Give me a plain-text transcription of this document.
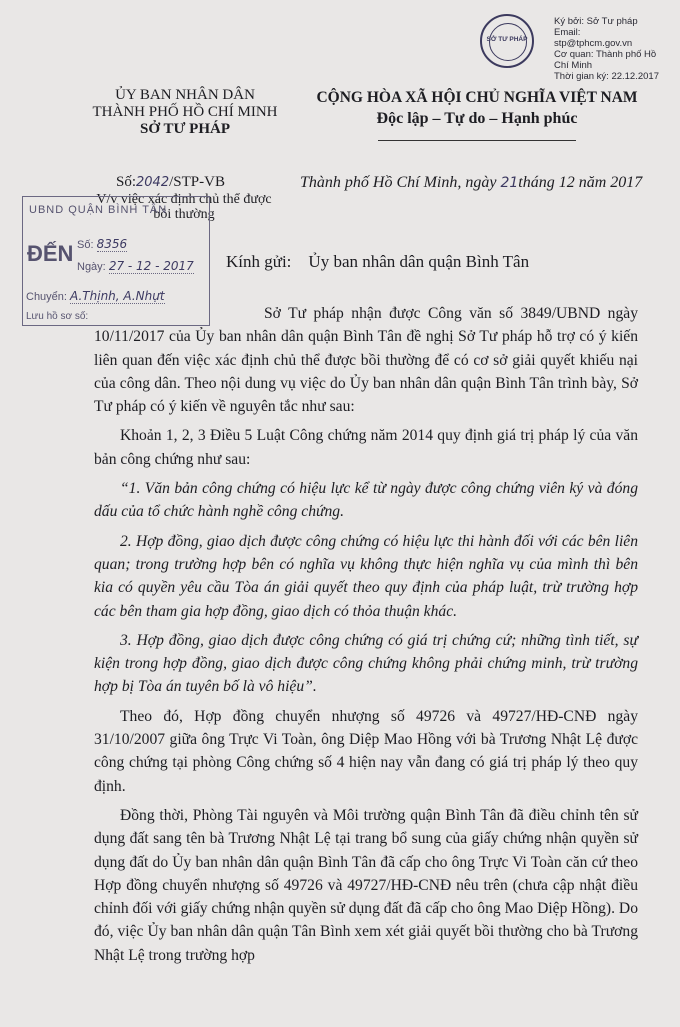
SỞ TƯ PHÁP
Ký bởi: Sở Tư pháp
Email:
stp@tphcm.gov.vn
Cơ quan: Thành phố Hồ
Chí Minh
Thời gian ký: 22.12.2017
ỦY BAN NHÂN DÂN
THÀNH PHỐ HỒ CHÍ MINH
SỞ TƯ PHÁP
CỘNG HÒA XÃ HỘI CHỦ NGHĨA VIỆT NAM
Độc lập – Tự do – Hạnh phúc
Số:2042/STP-VB	Thành phố Hồ Chí Minh, ngày 21tháng 12 năm 2017
V/v việc xác định chủ thể được
bồi thường
UBND QUẬN BÌNH TÂN
ĐẾN Số: 8356
Ngày: 27 - 12 - 2017
Chuyển: A.Thịnh, A.Nhựt
Lưu hồ sơ số:
Kính gửi: Ủy ban nhân dân quận Bình Tân

Sở Tư pháp nhận được Công văn số 3849/UBND ngày 10/11/2017 của Ủy ban nhân dân quận Bình Tân đề nghị Sở Tư pháp hỗ trợ có ý kiến liên quan đến việc xác định chủ thể được bồi thường để có cơ sở giải quyết khiếu nại của công dân. Theo nội dung vụ việc do Ủy ban nhân dân quận Bình Tân trình bày, Sở Tư pháp có ý kiến về nguyên tắc như sau:

Khoản 1, 2, 3 Điều 5 Luật Công chứng năm 2014 quy định giá trị pháp lý của văn bản công chứng như sau:

“1. Văn bản công chứng có hiệu lực kể từ ngày được công chứng viên ký và đóng dấu của tổ chức hành nghề công chứng.

2. Hợp đồng, giao dịch được công chứng có hiệu lực thi hành đối với các bên liên quan; trong trường hợp bên có nghĩa vụ không thực hiện nghĩa vụ của mình thì bên kia có quyền yêu cầu Tòa án giải quyết theo quy định của pháp luật, trừ trường hợp các bên tham gia hợp đồng, giao dịch có thỏa thuận khác.

3. Hợp đồng, giao dịch được công chứng có giá trị chứng cứ; những tình tiết, sự kiện trong hợp đồng, giao dịch được công chứng không phải chứng minh, trừ trường hợp bị Tòa án tuyên bố là vô hiệu”.

Theo đó, Hợp đồng chuyển nhượng số 49726 và 49727/HĐ-CNĐ ngày 31/10/2007 giữa ông Trực Vi Toàn, ông Diệp Mao Hồng với bà Trương Nhật Lệ được công chứng tại phòng Công chứng số 4 hiện nay vẫn đang có giá trị pháp lý theo quy định.

Đồng thời, Phòng Tài nguyên và Môi trường quận Bình Tân đã điều chỉnh tên sử dụng đất sang tên bà Trương Nhật Lệ tại trang bổ sung của giấy chứng nhận quyền sử dụng đất do Ủy ban nhân dân quận Bình Tân đã cấp cho ông Trực Vi Toàn căn cứ theo Hợp đồng chuyển nhượng số 49726 và 49727/HĐ-CNĐ nêu trên (chưa cập nhật điều chỉnh đối với giấy chứng nhận quyền sử dụng đất đã cấp cho ông Mao Diệp Hồng). Do đó, việc Ủy ban nhân dân quận Tân Bình xem xét giải quyết bồi thường cho bà Trương Nhật Lệ trong trường hợp
